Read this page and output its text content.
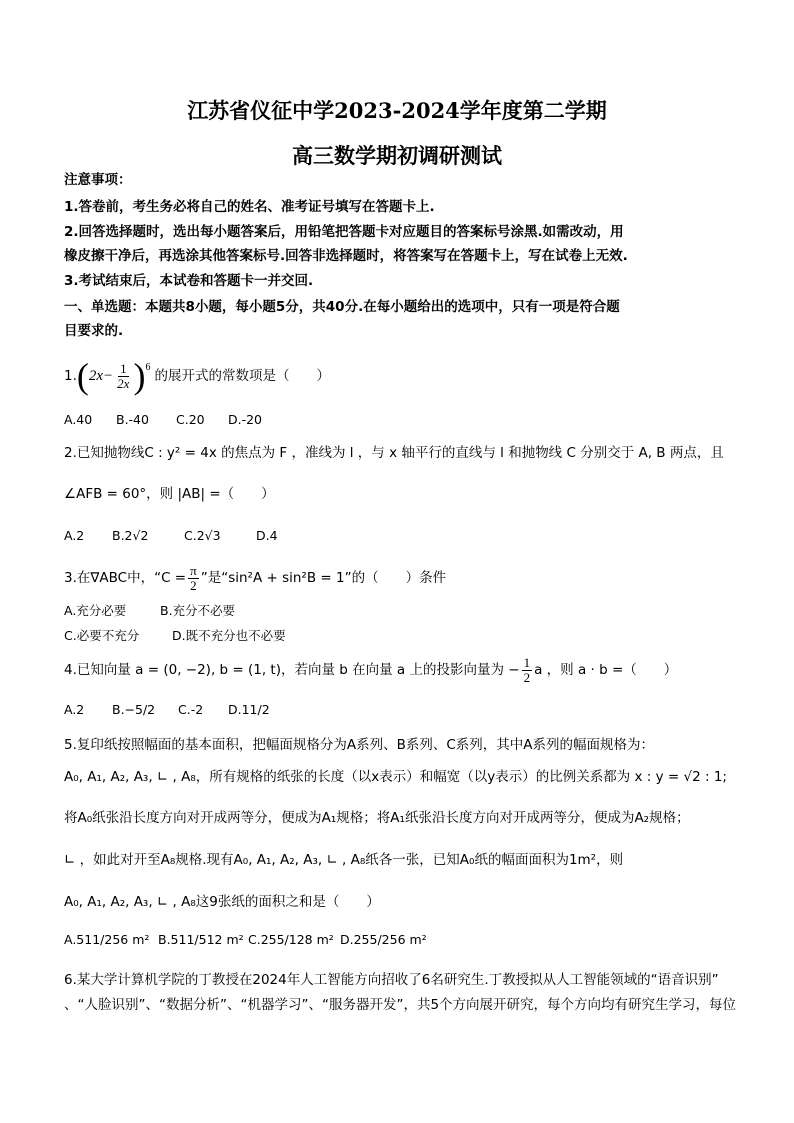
江苏省仪征中学2023-2024学年度第二学期
高三数学期初调研测试
注意事项：
1.答卷前，考生务必将自己的姓名、准考证号填写在答题卡上.
2.回答选择题时，选出每小题答案后，用铅笔把答题卡对应题目的答案标号涂黑.如需改动，用
橡皮擦干净后，再选涂其他答案标号.回答非选择题时，将答案写在答题卡上，写在试卷上无效.
3.考试结束后，本试卷和答题卡一并交回.
一、单选题：本题共8小题，每小题5分，共40分.在每小题给出的选项中，只有一项是符合题
目要求的.
1. ( $2x- \frac{1}{2x}$ ) 6
的展开式的常数项是（　　）
A.40 B.-40 C.20 D.-20
2.已知抛物线C : y² = 4x 的焦点为 F ，准线为 l ，与 x 轴平行的直线与 l 和抛物线 C 分别交于 A, B 两点，且
∠AFB = 60°，则 |AB| =（　　）
A.2 B.2√2	C.2√3	D.4
3.在∇ABC中，“$C = \frac{\pi}{2}$ ”是“sin²A + sin²B = 1”的（　　）条件
A.充分必要	B.充分不必要
C.必要不充分	D.既不充分也不必要
4.已知向量 a = (0, −2), b = (1, t)，若向量 b 在向量 a 上的投影向量为 − $\frac{1}{2}$ a ，则 a · b =（　　）
A.2 B.−5/2 C.-2 D.11/2
5.复印纸按照幅面的基本面积，把幅面规格分为A系列、B系列、C系列，其中A系列的幅面规格为：
A₀, A₁, A₂, A₃, ∟ , A₈，所有规格的纸张的长度（以x表示）和幅宽（以y表示）的比例关系都为 x : y = √2 : 1;
将A₀纸张沿长度方向对开成两等分，便成为A₁规格；将A₁纸张沿长度方向对开成两等分，便成为A₂规格；
∟ ，如此对开至A₈规格.现有A₀, A₁, A₂, A₃, ∟ , A₈纸各一张，已知A₀纸的幅面面积为1m²，则
A₀, A₁, A₂, A₃, ∟ , A₈这9张纸的面积之和是（　　）
A.511/256 m² B.511/512 m² C.255/128 m² D.255/256 m²
6.某大学计算机学院的丁教授在2024年人工智能方向招收了6名研究生.丁教授拟从人工智能领域的“语音识别”
、“人脸识别”、“数据分析”、“机器学习”、“服务器开发”，共5个方向展开研究，每个方向均有研究生学习，每位
